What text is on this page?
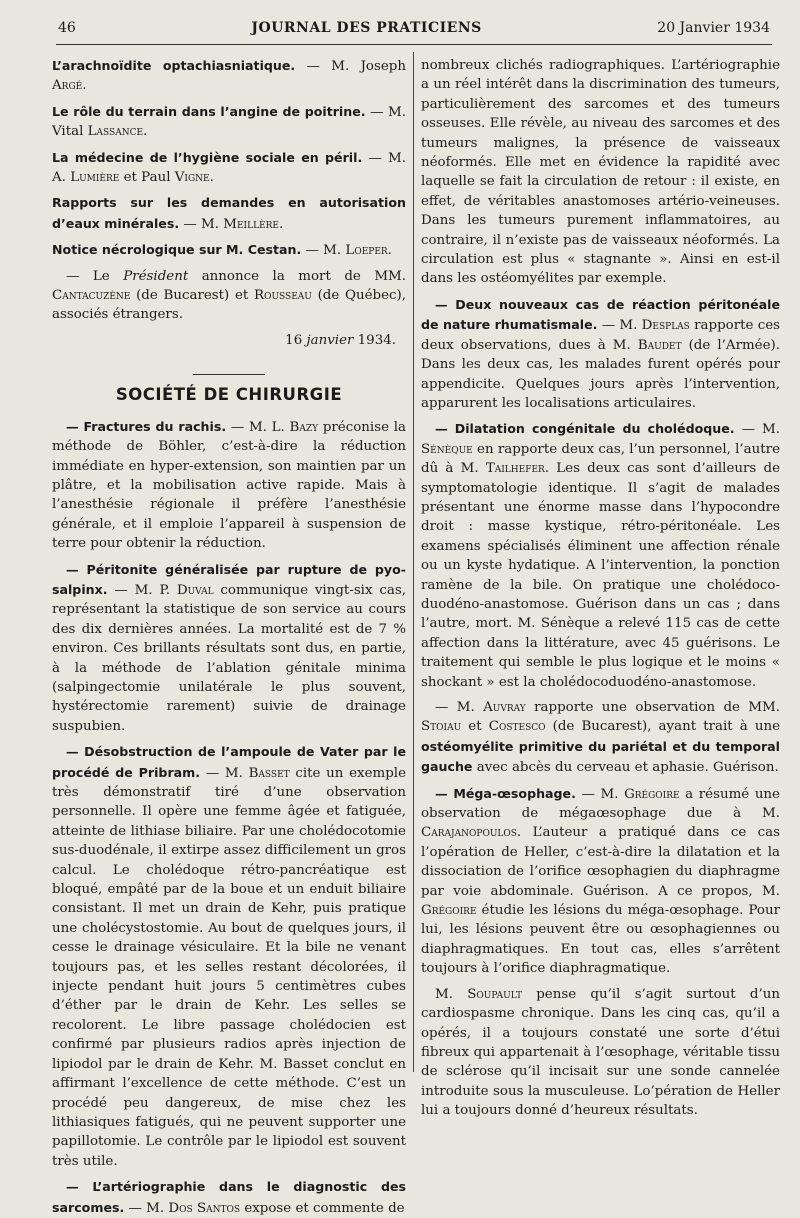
46	JOURNAL DES PRATICIENS	20 Janvier 1934

L’arachnoïdite optachiasniatique. — M. Joseph Argé.

Le rôle du terrain dans l’angine de poitrine. — M. Vital Lassance.

La médecine de l’hygiène sociale en péril. — M. A. Lumière et Paul Vigne.

Rapports sur les demandes en autorisation d’eaux minérales. — M. Meillère.

Notice nécrologique sur M. Cestan. — M. Loeper.

— Le Président annonce la mort de MM. Cantacuzène (de Bucarest) et Rousseau (de Québec), associés étrangers.

16 janvier 1934.

SOCIÉTÉ DE CHIRURGIE

— Fractures du rachis. — M. L. Bazy préconise la méthode de Böhler, c’est-à-dire la réduction immédiate en hyper-extension, son maintien par un plâtre, et la mobilisation active rapide. Mais à l’anesthésie régionale il préfère l’anesthésie générale, et il emploie l’appareil à suspension de terre pour obtenir la réduction.

— Péritonite généralisée par rupture de pyo-salpinx. — M. P. Duval communique vingt-six cas, représentant la statistique de son service au cours des dix dernières années. La mortalité est de 7 % environ. Ces brillants résultats sont dus, en partie, à la méthode de l’ablation génitale minima (salpingectomie unilatérale le plus souvent, hystérectomie rarement) suivie de drainage suspubien.

— Désobstruction de l’ampoule de Vater par le procédé de Pribram. — M. Basset cite un exemple très démonstratif tiré d’une observation personnelle. Il opère une femme âgée et fatiguée, atteinte de lithiase biliaire. Par une cholédocotomie sus-duodénale, il extirpe assez difficilement un gros calcul. Le cholédoque rétro-pancréatique est bloqué, empâté par de la boue et un enduit biliaire consistant. Il met un drain de Kehr, puis pratique une cholécystostomie. Au bout de quelques jours, il cesse le drainage vésiculaire. Et la bile ne venant toujours pas, et les selles restant décolorées, il injecte pendant huit jours 5 centimètres cubes d’éther par le drain de Kehr. Les selles se recolorent. Le libre passage cholédocien est confirmé par plusieurs radios après injection de lipiodol par le drain de Kehr. M. Basset conclut en affirmant l’excellence de cette méthode. C’est un procédé peu dangereux, de mise chez les lithiasiques fatigués, qui ne peuvent supporter une papillotomie. Le contrôle par le lipiodol est souvent très utile.

— L’artériographie dans le diagnostic des sarcomes. — M. Dos Santos expose et commente de

nombreux clichés radiographiques. L’artériographie a un réel intérêt dans la discrimination des tumeurs, particulièrement des sarcomes et des tumeurs osseuses. Elle révèle, au niveau des sarcomes et des tumeurs malignes, la présence de vaisseaux néoformés. Elle met en évidence la rapidité avec laquelle se fait la circulation de retour : il existe, en effet, de véritables anastomoses artério-veineuses. Dans les tumeurs purement inflammatoires, au contraire, il n’existe pas de vaisseaux néoformés. La circulation est plus « stagnante ». Ainsi en est-il dans les ostéomyélites par exemple.

— Deux nouveaux cas de réaction péritonéale de nature rhumatismale. — M. Desplas rapporte ces deux observations, dues à M. Baudet (de l’Armée). Dans les deux cas, les malades furent opérés pour appendicite. Quelques jours après l’intervention, apparurent les localisations articulaires.

— Dilatation congénitale du cholédoque. — M. Sénèque en rapporte deux cas, l’un personnel, l’autre dû à M. Tailhefer. Les deux cas sont d’ailleurs de symptomatologie identique. Il s’agit de malades présentant une énorme masse dans l’hypocondre droit : masse kystique, rétro-péritonéale. Les examens spécialisés éliminent une affection rénale ou un kyste hydatique. A l’intervention, la ponction ramène de la bile. On pratique une cholédoco-duodéno-anastomose. Guérison dans un cas ; dans l’autre, mort. M. Sénèque a relevé 115 cas de cette affection dans la littérature, avec 45 guérisons. Le traitement qui semble le plus logique et le moins « shockant » est la cholédocoduodéno-anastomose.

— M. Auvray rapporte une observation de MM. Stoiau et Costesco (de Bucarest), ayant trait à une ostéomyélite primitive du pariétal et du temporal gauche avec abcès du cerveau et aphasie. Guérison.

— Méga-œsophage. — M. Grégoire a résumé une observation de mégaœsophage due à M. Carajanopoulos. L’auteur a pratiqué dans ce cas l’opération de Heller, c’est-à-dire la dilatation et la dissociation de l’orifice œsophagien du diaphragme par voie abdominale. Guérison. A ce propos, M. Grégoire étudie les lésions du méga-œsophage. Pour lui, les lésions peuvent être ou œsophagiennes ou diaphragmatiques. En tout cas, elles s’arrêtent toujours à l’orifice diaphragmatique.

M. Soupault pense qu’il s’agit surtout d’un cardiospasme chronique. Dans les cinq cas, qu’il a opérés, il a toujours constaté une sorte d’étui fibreux qui appartenait à l’œsophage, véritable tissu de sclérose qu’il incisait sur une sonde cannelée introduite sous la musculeuse. Lo’pération de Heller lui a toujours donné d’heureux résultats.
